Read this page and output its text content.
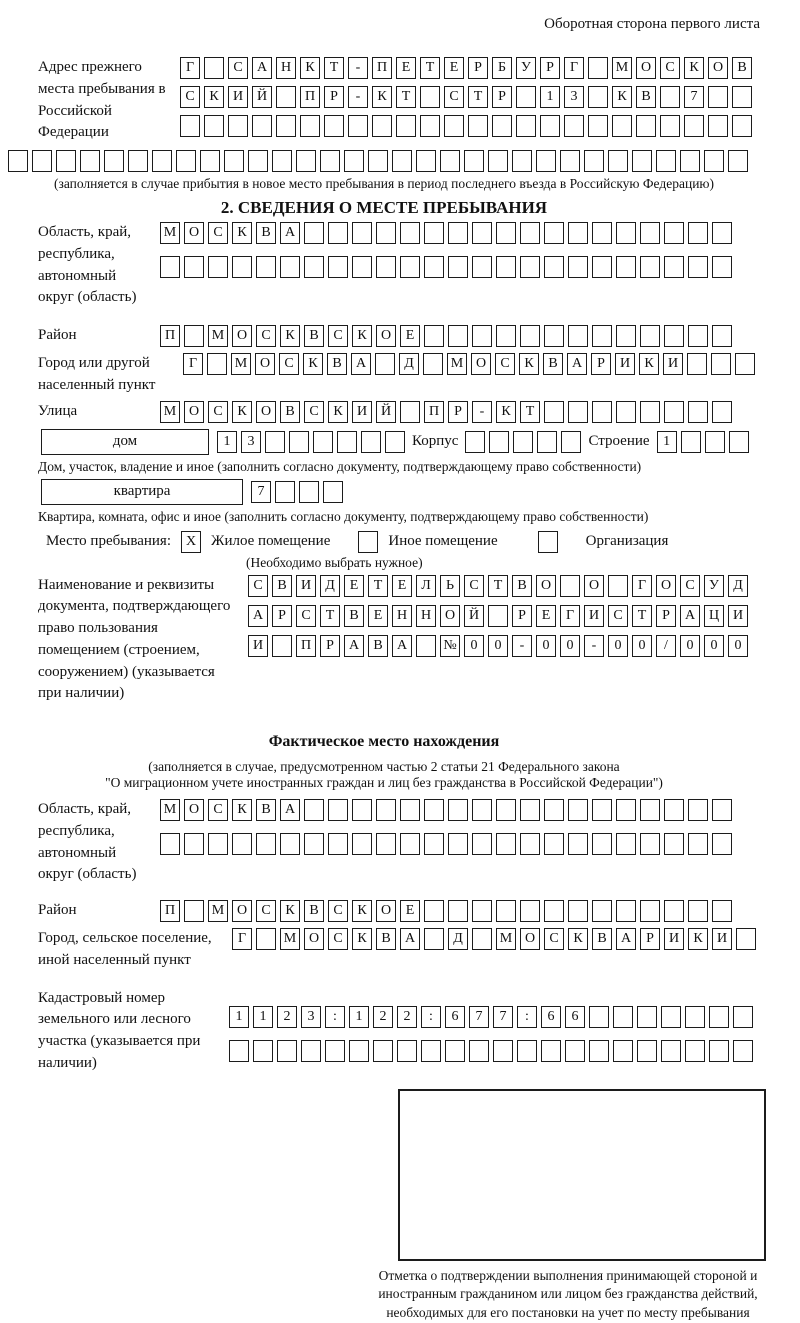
Оборотная сторона первого листа
Адрес прежнего места пребывания в Российской Федерации
Г	С	А Н	К	Т	-	П	Е	Т	Е	Р	Б	У	Р	Г	М О	С	К	О	В
С	К	И Й	П	Р	-	К	Т	С	Т	Р	1	3	К	В	7
(заполняется в случае прибытия в новое место пребывания в период последнего въезда в Российскую Федерацию)
2. СВЕДЕНИЯ О МЕСТЕ ПРЕБЫВАНИЯ
Область, край, республика, автономный округ (область)
М О	С	К	В	А
Район	П	М О	С	К	В	С	К	О	Е
Город или другой населенный пункт
Г	М О	С	К	В	А	Д	М О	С	К	В	А	Р	И	К	И
Улица	М О	С	К	О	В	С	К	И Й	П	Р	-	К	Т
дом	1	3	Корпус	Строение 1
Дом, участок, владение и иное (заполнить согласно документу, подтверждающему право собственности)
квартира	7
Квартира, комната, офис и иное (заполнить согласно документу, подтверждающему право собственности)
Место пребывания:	X Жилое помещение	Иное помещение	Организация
(Необходимо выбрать нужное)
Наименование и реквизиты документа, подтверждающего право пользования помещением (строением, сооружением) (указывается при наличии)
С	В	И	Д	Е	Т	Е	Л	Ь	С	Т	В	О	О	Г	О	С	У	Д
А	Р	С	Т	В	Е	Н Н О Й	Р	Е	Г	И	С	Т	Р	А Ц И
И	П	Р	А	В	А	№ 0	0	-	0	0	-	0	0	/	0	0	0
Фактическое место нахождения
(заполняется в случае, предусмотренном частью 2 статьи 21 Федерального закона
"О миграционном учете иностранных граждан и лиц без гражданства в Российской Федерации")
Область, край, республика, автономный округ (область)
М О	С	К	В	А
Район	П	М О	С	К	В	С	К	О	Е
Город, сельское поселение, иной населенный пункт
Г	М О	С	К	В	А	Д	М О	С	К	В	А	Р	И	К	И
Кадастровый номер земельного или лесного участка (указывается при наличии)
1	1	2	3	:	1	2	2	:	6	7	7	:	6	6
Отметка о подтверждении выполнения принимающей стороной и иностранным гражданином или лицом без гражданства действий, необходимых для его постановки на учет по месту пребывания
